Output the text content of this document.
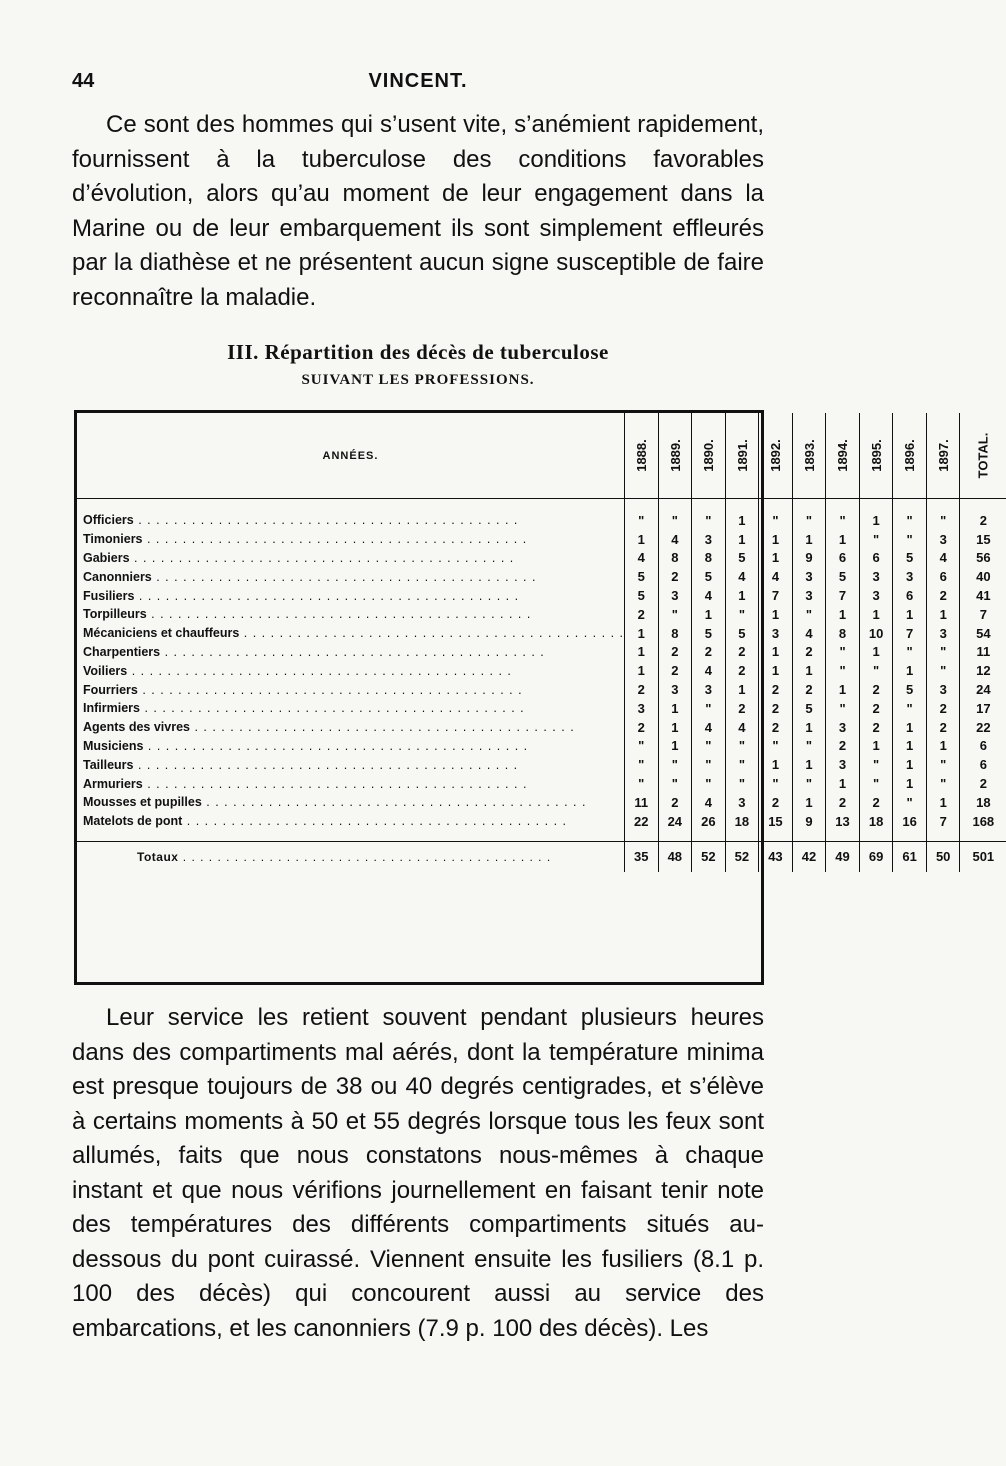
44	VINCENT.

Ce sont des hommes qui s’usent vite, s’anémient rapidement, fournissent à la tuberculose des conditions favorables d’évolution, alors qu’au moment de leur engagement dans la Marine ou de leur embarquement ils sont simplement effleurés par la diathèse et ne présentent aucun signe susceptible de faire reconnaître la maladie.

III. Répartition des décès de tuberculose
SUIVANT LES PROFESSIONS.
ANNÉES.	1888.	1889.	1890.	1891.	1892.	1893.	1894.	1895.	1896.	1897.	TOTAL.

Officiers . . .	"	"	"	1	"	"	"	1	"	"	2

Timoniers . . .	1	4	3	1	1	1	1	"	"	3	15

Gabiers . . .	4	8	8	5	1	9	6	6	5	4	56

Canonniers . . .	5	2	5	4	4	3	5	3	3	6	40

Fusiliers . . .	5	3	4	1	7	3	7	3	6	2	41

Torpilleurs . . .	2	"	1	"	1	"	1	1	1	1	7

Mécaniciens et chauffeurs . . .	1	8	5	5	3	4	8	10	7	3	54

Charpentiers . . .	1	2	2	2	1	2	"	1	"	"	11

Voiliers . . .	1	2	4	2	1	1	"	"	1	"	12

Fourriers . . .	2	3	3	1	2	2	1	2	5	3	24

Infirmiers . . .	3	1	"	2	2	5	"	2	"	2	17

Agents des vivres . . .	2	1	4	4	2	1	3	2	1	2	22

Musiciens . . .	"	1	"	"	"	"	2	1	1	1	6

Tailleurs . . .	"	"	"	"	1	1	3	"	1	"	6

Armuriers . . .	"	"	"	"	"	"	1	"	1	"	2

Mousses et pupilles . . .	11	2	4	3	2	1	2	2	"	1	18

Matelots de pont . . .	22	24	26	18	15	9	13	18	16	7	168

Totaux . . .	35	48	52	52	43	42	49	69	61	50	501

Leur service les retient souvent pendant plusieurs heures dans des compartiments mal aérés, dont la température minima est presque toujours de 38 ou 40 degrés centigrades, et s’élève à certains moments à 50 et 55 degrés lorsque tous les feux sont allumés, faits que nous constatons nous-mêmes à chaque instant et que nous vérifions journellement en faisant tenir note des températures des différents compartiments situés au-dessous du pont cuirassé. Viennent ensuite les fusiliers (8.1 p. 100 des décès) qui concourent aussi au service des embarcations, et les canonniers (7.9 p. 100 des décès). Les
